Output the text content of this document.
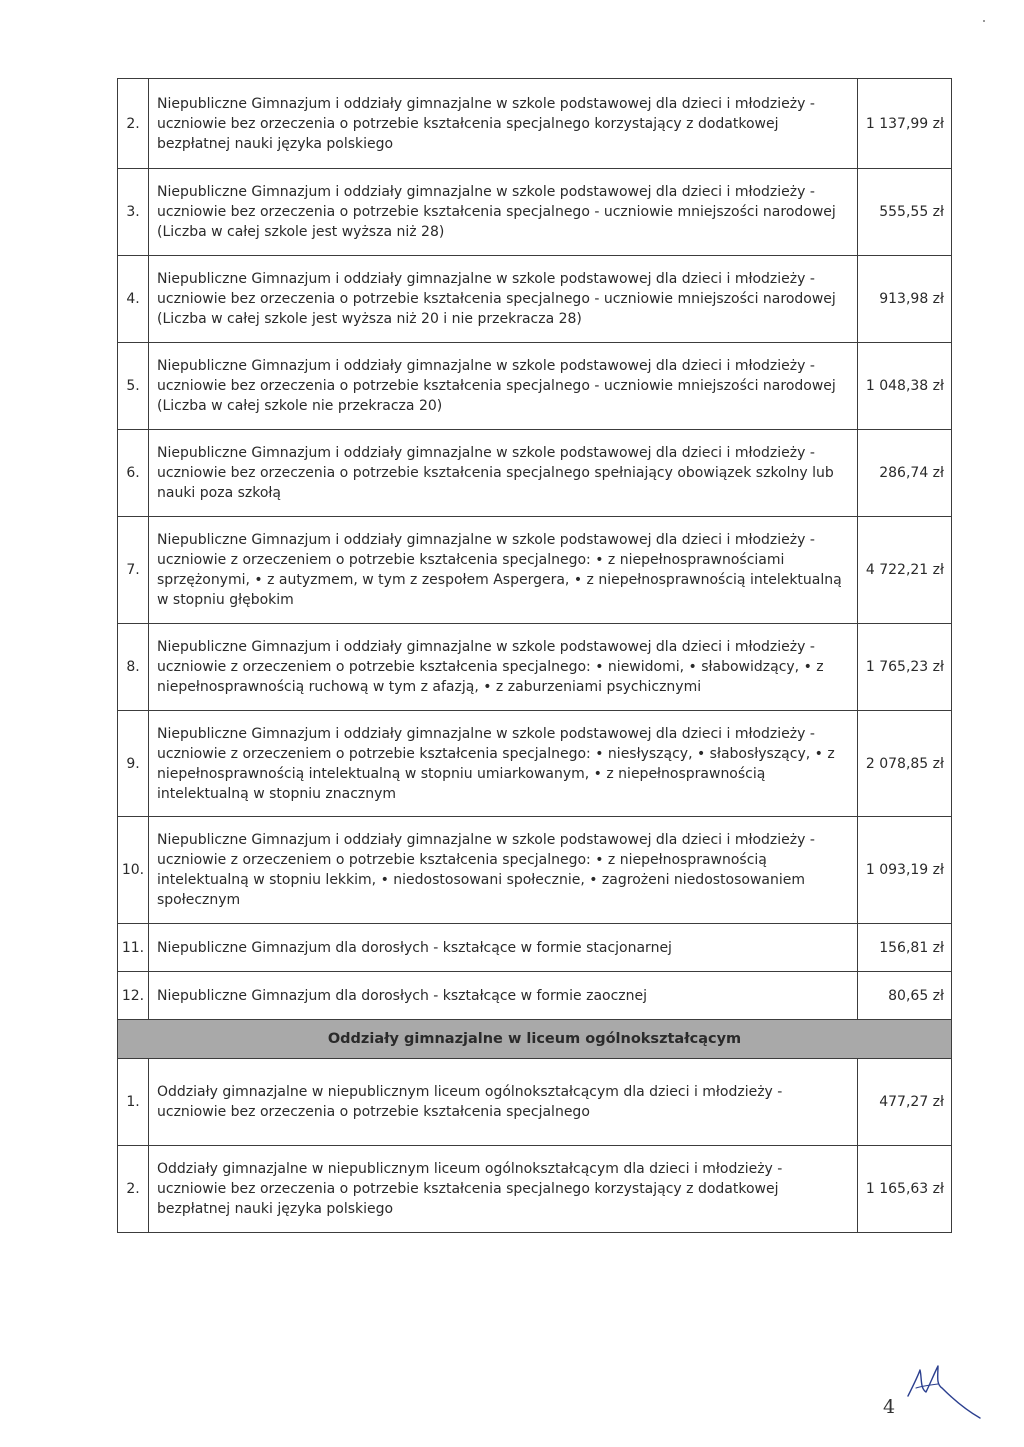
2.	Niepubliczne Gimnazjum i oddziały gimnazjalne w szkole podstawowej dla dzieci i młodzieży - uczniowie bez orzeczenia o potrzebie kształcenia specjalnego korzystający z dodatkowej bezpłatnej nauki języka polskiego	1 137,99 zł
3.	Niepubliczne Gimnazjum i oddziały gimnazjalne w szkole podstawowej dla dzieci i młodzieży - uczniowie bez orzeczenia o potrzebie kształcenia specjalnego - uczniowie mniejszości narodowej (Liczba w całej szkole jest wyższa niż 28)	555,55 zł
4.	Niepubliczne Gimnazjum i oddziały gimnazjalne w szkole podstawowej dla dzieci i młodzieży - uczniowie bez orzeczenia o potrzebie kształcenia specjalnego - uczniowie mniejszości narodowej (Liczba w całej szkole jest wyższa niż 20 i nie przekracza 28)	913,98 zł
5.	Niepubliczne Gimnazjum i oddziały gimnazjalne w szkole podstawowej dla dzieci i młodzieży - uczniowie bez orzeczenia o potrzebie kształcenia specjalnego - uczniowie mniejszości narodowej (Liczba w całej szkole nie przekracza 20)	1 048,38 zł
6.	Niepubliczne Gimnazjum i oddziały gimnazjalne w szkole podstawowej dla dzieci i młodzieży - uczniowie bez orzeczenia o potrzebie kształcenia specjalnego spełniający obowiązek szkolny lub nauki poza szkołą	286,74 zł
7.	Niepubliczne Gimnazjum i oddziały gimnazjalne w szkole podstawowej dla dzieci i młodzieży - uczniowie z orzeczeniem o potrzebie kształcenia specjalnego: • z niepełnosprawnościami sprzężonymi, • z autyzmem, w tym z zespołem Aspergera, • z niepełnosprawnością intelektualną w stopniu głębokim	4 722,21 zł
8.	Niepubliczne Gimnazjum i oddziały gimnazjalne w szkole podstawowej dla dzieci i młodzieży - uczniowie z orzeczeniem o potrzebie kształcenia specjalnego: • niewidomi, • słabowidzący, • z niepełnosprawnością ruchową w tym z afazją, • z zaburzeniami psychicznymi	1 765,23 zł
9.	Niepubliczne Gimnazjum i oddziały gimnazjalne w szkole podstawowej dla dzieci i młodzieży - uczniowie z orzeczeniem o potrzebie kształcenia specjalnego: • niesłyszący, • słabosłyszący, • z niepełnosprawnością intelektualną w stopniu umiarkowanym, • z niepełnosprawnością intelektualną w stopniu znacznym	2 078,85 zł
10.	Niepubliczne Gimnazjum i oddziały gimnazjalne w szkole podstawowej dla dzieci i młodzieży - uczniowie z orzeczeniem o potrzebie kształcenia specjalnego: • z niepełnosprawnością intelektualną w stopniu lekkim, • niedostosowani społecznie, • zagrożeni niedostosowaniem społecznym	1 093,19 zł
11.	Niepubliczne Gimnazjum dla dorosłych - kształcące w formie stacjonarnej	156,81 zł
12.	Niepubliczne Gimnazjum dla dorosłych - kształcące w formie zaocznej	80,65 zł
Oddziały gimnazjalne w liceum ogólnokształcącym		
1.	Oddziały gimnazjalne w niepublicznym liceum ogólnokształcącym dla dzieci i młodzieży - uczniowie bez orzeczenia o potrzebie kształcenia specjalnego	477,27 zł
2.	Oddziały gimnazjalne w niepublicznym liceum ogólnokształcącym dla dzieci i młodzieży - uczniowie bez orzeczenia o potrzebie kształcenia specjalnego korzystający z dodatkowej bezpłatnej nauki języka polskiego	1 165,63 zł
4
